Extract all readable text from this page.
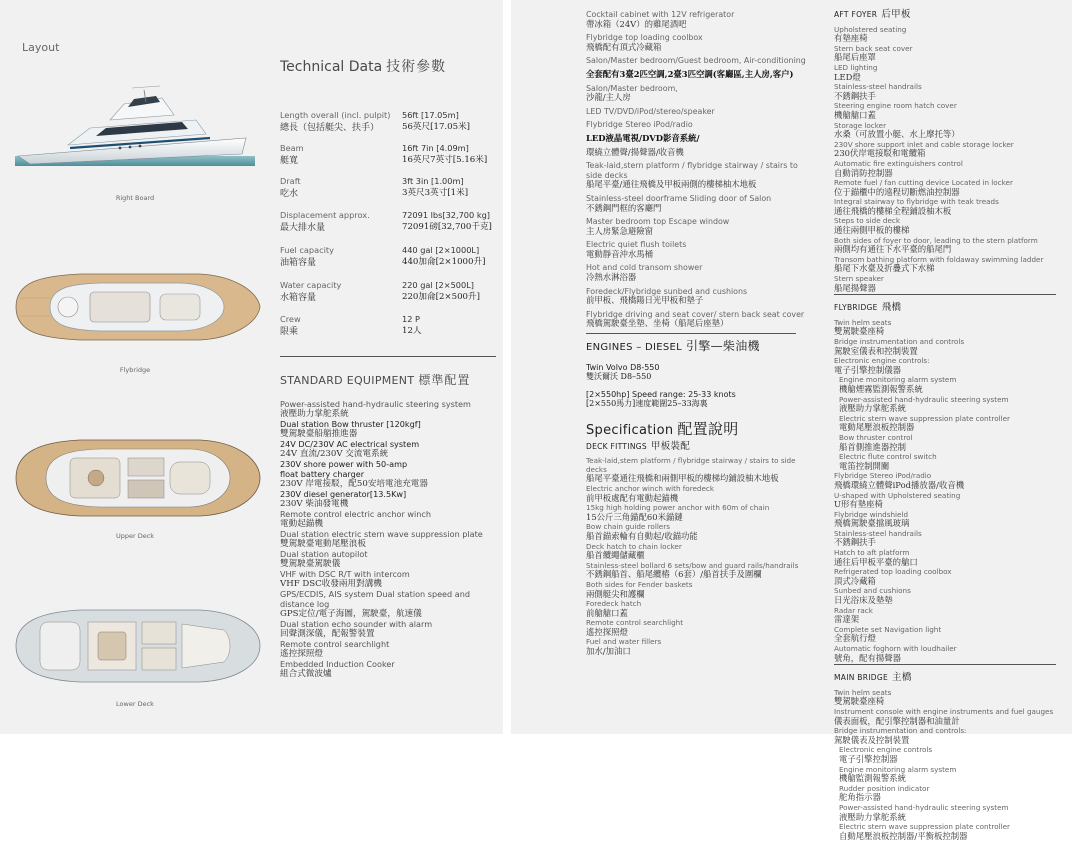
Layout
Right Board
Flybridge
Upper Deck
Lower Deck
Technical Data 技術參數
Length overall (incl. pulpit)
總長（包括艇尖、扶手）
56ft [17.05m]
56英尺[17.05米]
Beam
艇寬
16ft 7in [4.09m]
16英尺7英寸[5.16米]
Draft
吃水
3ft 3in [1.00m]
3英尺3英寸[1米]
Displacement approx.
最大排水量
72091 lbs[32,700 kg]
72091磅[32,700千克]
Fuel capacity
油箱容量
440 gal [2×1000L]
440加侖[2×1000升]
Water capacity
水箱容量
220 gal [2×500L]
220加侖[2×500升]
Crew
限乘
12 P
12人
STANDARD EQUIPMENT 標準配置
Power-assisted hand-hydraulic steering system
液壓助力掌舵系統
Dual station Bow thruster [120kgf]
雙駕駛臺船艏推進器
24V DC/230V AC electrical system
24V 直流/230V 交流電系統
230V shore power with 50-amp
float battery charger
230V 岸電接駁，配50安培電池充電器
230V diesel generator[13.5Kw]
230V 柴油發電機
Remote control electric anchor winch
電動起錨機
Dual station electric stern wave suppression plate
雙駕駛臺電動尾壓浪板
Dual station autopilot
雙駕駛臺駕駛儀
VHF with DSC R/T with intercom
VHF DSC收發兩用對講機
GPS/ECDIS, AIS system Dual station speed and distance log
GPS定位/電子海圖，駕駛臺，航速儀
Dual station echo sounder with alarm
回聲測深儀，配報警裝置
Remote control searchlight
遙控探照燈
Embedded Induction Cooker
組合式微波爐
Cocktail cabinet with 12V refrigerator
帶冰箱（24V）的雞尾酒吧
Flybridge top loading coolbox
飛橋配有頂式冷藏箱
Salon/Master bedroom/Guest bedroom, Air-conditioning
全套配有3臺2匹空調,2臺3匹空調(客廳區,主人房,客户)
Salon/Master bedroom,
沙龍/主人房
LED TV/DVD/iPod/stereo/speaker
Flybridge Stereo iPod/radio
LED液晶電視/DVD影音系統/
環繞立體聲/揚聲器/收音機
Teak-laid,stern platform / flybridge stairway / stairs to side decks
船尾平臺/通往飛橋及甲板兩側的樓梯柚木地板
Stainless-steel doorframe Sliding door of Salon
不銹鋼門框的客廳門
Master bedroom top Escape window
主人房緊急避險窗
Electric quiet flush toilets
電動靜音沖水馬桶
Hot and cold transom shower
冷熱水淋浴器
Foredeck/Flybridge sunbed and cushions
前甲板、飛橋陽日光甲板和墊子
Flybridge driving and seat cover/ stern back seat cover
飛橋駕駛臺坐墊、坐椅（船尾后座墊）
ENGINES – DIESEL 引擎—柴油機
Twin Volvo D8-550
雙沃爾沃 D8–550
[2×550hp] Speed range: 25-33 knots
[2×550馬力]速度範圍25–33海裏
Specification 配置說明
DECK FITTINGS 甲板裝配
Teak-laid,stem platform / flybridge stairway / stairs to side decks
船尾平臺通往飛橋和兩側甲板的樓梯均鋪設柚木地板
Electric anchor winch with foredeck
前甲板處配有電動起錨機
15kg high holding power anchor with 60m of chain
15公斤三角錨配60米錨鏈
Bow chain guide rollers
船首錨索輪有自動起/收錨功能
Deck hatch to chain locker
船首纜繩儲藏櫃
Stainless-steel bollard 6 sets/bow and guard rails/handrails
不銹鋼船首、船尾纜樁（6套）/船首扶手及圍欄
Both sides for Fender baskets
兩側艇尖和護欄
Foredeck hatch
前艙艙口蓋
Remote control searchlight
遙控探照燈
Fuel and water fillers
加水/加油口
AFT FOYER 后甲板
Upholstered seating
有墊座椅
Stern back seat cover
船尾后座罩
LED lighting
LED燈
Stainless-steel handrails
不銹鋼扶手
Steering engine room hatch cover
機艙艙口蓋
Storage locker
水桑（可放置小艇、水上摩托等）
230V shore support inlet and cable storage locker
230伏岸電接駁和電纜箱
Automatic fire extinguishers control
自動消防控制器
Remote fuel / fan cutting device Located in locker
位于錨櫃中的遠程切斷燃油控制器
Integral stairway to flybridge with teak treads
通往飛橋的樓梯全程鋪設柚木板
Steps to side deck
通往兩側甲板的樓梯
Both sides of foyer to door, leading to the stern platform
兩側均有通往下水平臺的船尾門
Transom bathing platform with foldaway swimming ladder
船尾下水臺及折疊式下水梯
Stern speaker
船尾揚聲器
FLYBRIDGE 飛橋
Twin helm seats
雙駕駛臺座椅
Bridge instrumentation and controls
駕駛室儀表和控制裝置
Electronic engine controls:
電子引擎控制儀器
Engine monitoring alarm system
機艙煙霧監測報警系統
Power-assisted hand-hydraulic steering system
液壓助力掌舵系統
Electric stern wave suppression plate controller
電動尾壓浪板控制器
Bow thruster control
船首側推進器控制
Electric flute control switch
電笛控制開關
Flybridge Stereo iPod/radio
飛橋環繞立體聲iPod播放器/收音機
U-shaped with Upholstered seating
U形有墊座椅
Flybridge windshield
飛橋駕駛臺擋風玻璃
Stainless-steel handrails
不銹鋼扶手
Hatch to aft platform
通往后甲板平臺的艙口
Refrigerated top loading coolbox
頂式冷藏箱
Sunbed and cushions
日光浴床及墊墊
Radar rack
雷達架
Complete set Navigation light
全套航行燈
Automatic foghorn with loudhailer
號角，配有揚聲器
MAIN BRIDGE 主橋
Twin helm seats
雙駕駛臺座椅
Instrument console with engine instruments and fuel gauges
儀表面板，配引擎控制器和油量計
Bridge instrumentation and controls:
駕駛儀表及控制裝置
Electronic engine controls
電子引擎控制器
Engine monitoring alarm system
機艙監測報警系統
Rudder position indicator
舵角指示器
Power-assisted hand-hydraulic steering system
液壓助力掌舵系統
Electric stern wave suppression plate controller
自動尾壓浪板控制器/平衡板控制器
